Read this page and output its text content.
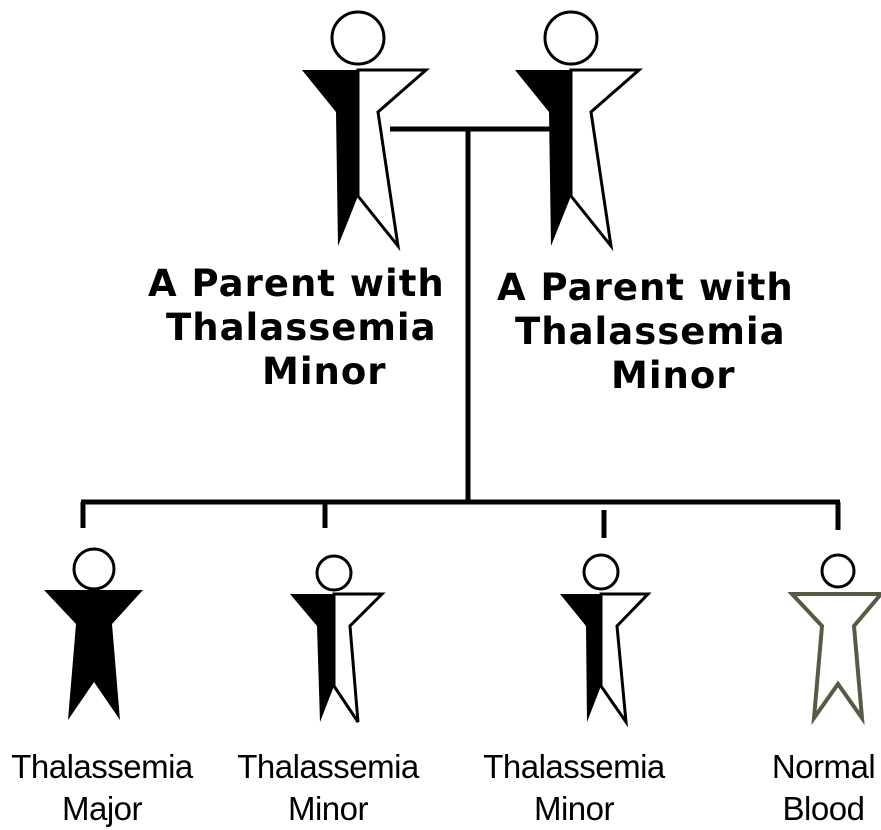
A Parent with
Thalassemia
Minor
A Parent with
Thalassemia
Minor
Thalassemia
Major
Thalassemia
Minor
Thalassemia
Minor
Normal
Blood
